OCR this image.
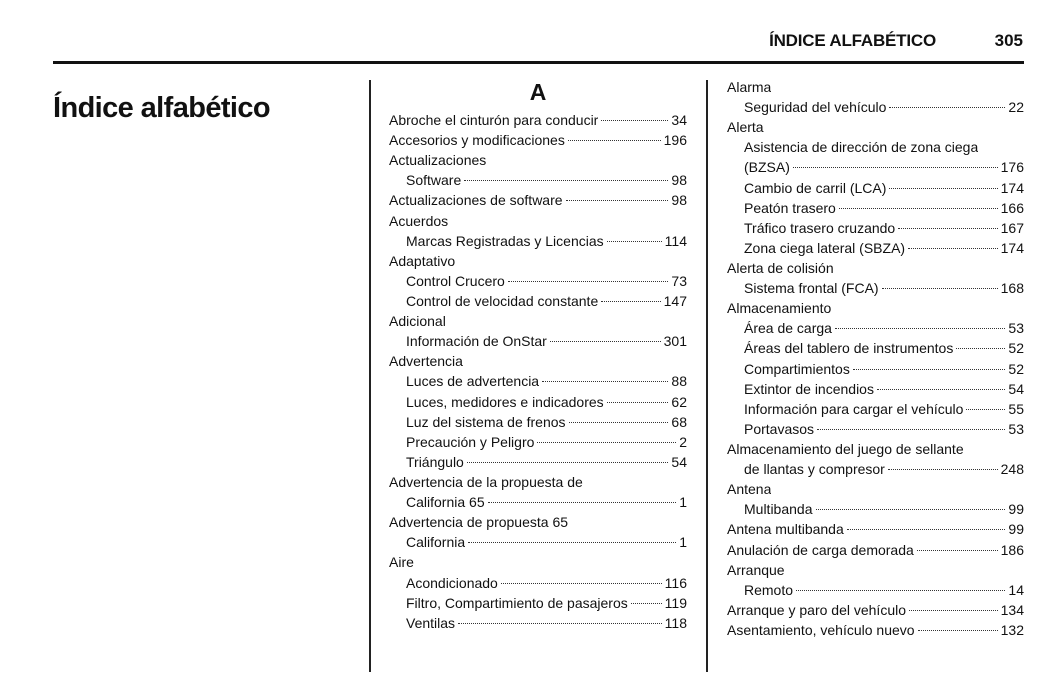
ÍNDICE ALFABÉTICO	305
Índice alfabético
A
Abroche el cinturón para conducir	34
Accesorios y modificaciones	196
Actualizaciones
Software	98
Actualizaciones de software	98
Acuerdos
Marcas Registradas y Licencias	114
Adaptativo
Control Crucero	73
Control de velocidad constante	147
Adicional
Información de OnStar	301
Advertencia
Luces de advertencia	88
Luces, medidores e indicadores	62
Luz del sistema de frenos	68
Precaución y Peligro	2
Triángulo	54
Advertencia de la propuesta de
California 65	1
Advertencia de propuesta 65
California	1
Aire
Acondicionado	116
Filtro, Compartimiento de pasajeros	119
Ventilas	118
Alarma
Seguridad del vehículo	22
Alerta
Asistencia de dirección de zona ciega
(BZSA)	176
Cambio de carril (LCA)	174
Peatón trasero	166
Tráfico trasero cruzando	167
Zona ciega lateral (SBZA)	174
Alerta de colisión
Sistema frontal (FCA)	168
Almacenamiento
Área de carga	53
Áreas del tablero de instrumentos	52
Compartimientos	52
Extintor de incendios	54
Información para cargar el vehículo	55
Portavasos	53
Almacenamiento del juego de sellante
de llantas y compresor	248
Antena
Multibanda	99
Antena multibanda	99
Anulación de carga demorada	186
Arranque
Remoto	14
Arranque y paro del vehículo	134
Asentamiento, vehículo nuevo	132
